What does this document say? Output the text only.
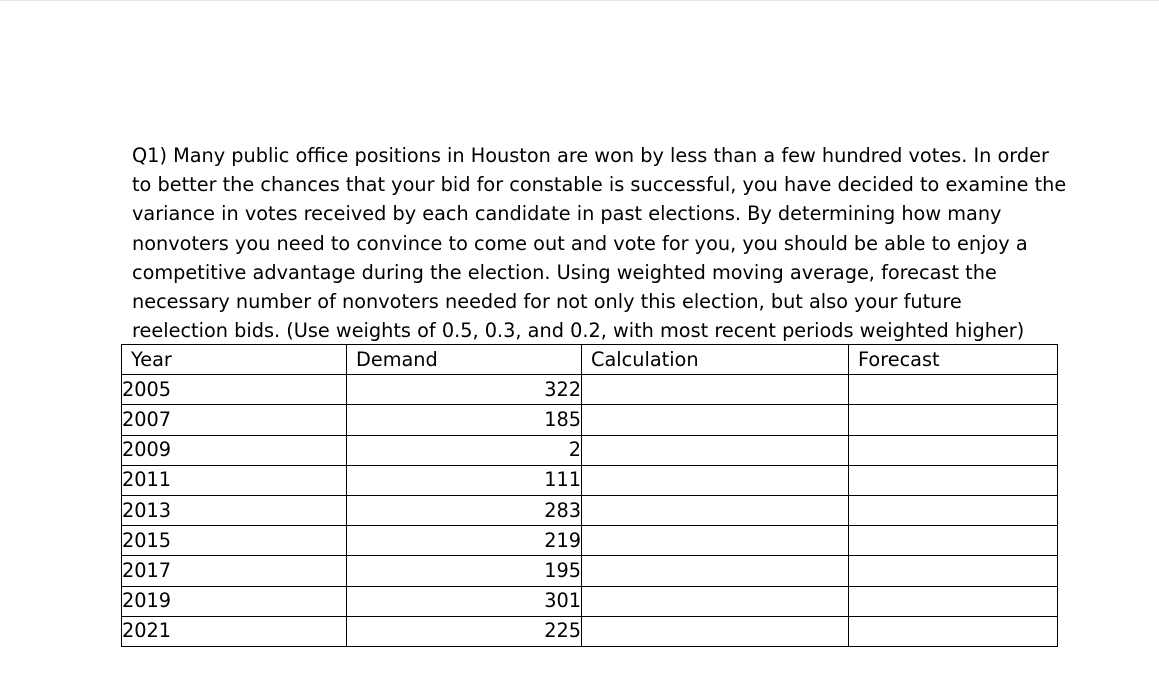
Q1) Many public office positions in Houston are won by less than a few hundred votes. In order
to better the chances that your bid for constable is successful, you have decided to examine the
variance in votes received by each candidate in past elections. By determining how many
nonvoters you need to convince to come out and vote for you, you should be able to enjoy a
competitive advantage during the election. Using weighted moving average, forecast the
necessary number of nonvoters needed for not only this election, but also your future
reelection bids. (Use weights of 0.5, 0.3, and 0.2, with most recent periods weighted higher)

Year	Demand	Calculation	Forecast
2005	322		
2007	185		
2009	2		
2011	111		
2013	283		
2015	219		
2017	195		
2019	301		
2021	225		
